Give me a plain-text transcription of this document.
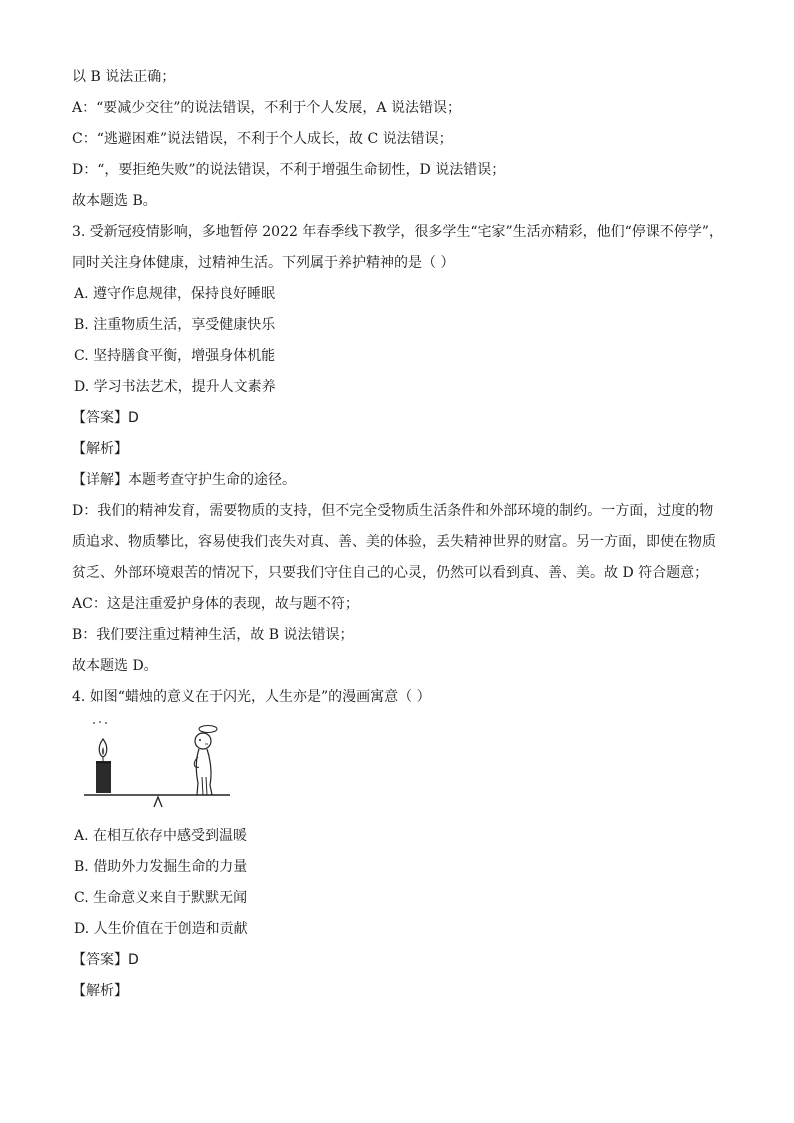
以 B 说法正确；
A：“要减少交往”的说法错误，不利于个人发展，A 说法错误；
C：“逃避困难”说法错误，不利于个人成长，故 C 说法错误；
D：“，要拒绝失败”的说法错误，不利于增强生命韧性，D 说法错误；
故本题选 B。
3. 受新冠疫情影响，多地暂停 2022 年春季线下教学，很多学生“宅家”生活亦精彩，他们“停课不停学”，
同时关注身体健康，过精神生活。下列属于养护精神的是（ ）
A. 遵守作息规律，保持良好睡眠
B. 注重物质生活，享受健康快乐
C. 坚持膳食平衡，增强身体机能
D. 学习书法艺术，提升人文素养
【答案】D
【解析】
【详解】本题考查守护生命的途径。
D：我们的精神发育，需要物质的支持，但不完全受物质生活条件和外部环境的制约。一方面，过度的物
质追求、物质攀比，容易使我们丧失对真、善、美的体验，丢失精神世界的财富。另一方面，即使在物质
贫乏、外部环境艰苦的情况下，只要我们守住自己的心灵，仍然可以看到真、善、美。故 D 符合题意；
AC：这是注重爱护身体的表现，故与题不符；
B：我们要注重过精神生活，故 B 说法错误；
故本题选 D。
4. 如图“蜡烛的意义在于闪光，人生亦是”的漫画寓意（ ）
A. 在相互依存中感受到温暖
B. 借助外力发掘生命的力量
C. 生命意义来自于默默无闻
D. 人生价值在于创造和贡献
【答案】D
【解析】
